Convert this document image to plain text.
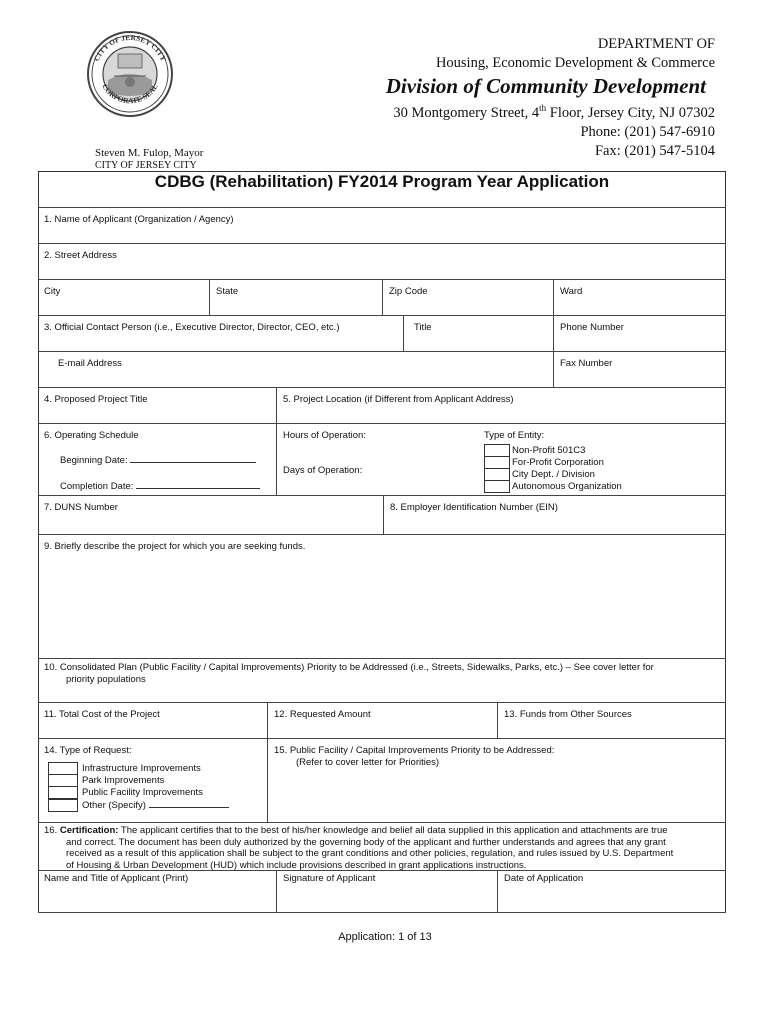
CITY OF JERSEY CITY
CORPORATE SEAL
DEPARTMENT OF
Housing, Economic Development & Commerce
Division of Community Development
30 Montgomery Street, 4th Floor, Jersey City, NJ 07302
Phone: (201) 547-6910
Fax: (201) 547-5104
Steven M. Fulop, Mayor
CITY OF JERSEY CITY
CDBG (Rehabilitation) FY2014 Program Year Application
1. Name of Applicant (Organization / Agency)
2. Street Address
City	State	Zip Code	Ward
3. Official Contact Person (i.e., Executive Director, Director, CEO, etc.)	Title	Phone Number
E-mail Address	Fax Number
4. Proposed Project Title	5. Project Location (if Different from Applicant Address)
6. Operating Schedule
Beginning Date:
Completion Date:
Hours of Operation:
Days of Operation:
Type of Entity:
Non-Profit 501C3
For-Profit Corporation
City Dept. / Division
Autonomous Organization
7. DUNS Number	8. Employer Identification Number (EIN)
9. Briefly describe the project for which you are seeking funds.
10. Consolidated Plan (Public Facility / Capital Improvements) Priority to be Addressed (i.e., Streets, Sidewalks, Parks, etc.) – See cover letter for
priority populations
11. Total Cost of the Project	12. Requested Amount	13. Funds from Other Sources
14. Type of Request:
Infrastructure Improvements
Park Improvements
Public Facility Improvements
Other (Specify)
15. Public Facility / Capital Improvements Priority to be Addressed:
(Refer to cover letter for Priorities)
16. Certification: The applicant certifies that to the best of his/her knowledge and belief all data supplied in this application and attachments are true
and correct. The document has been duly authorized by the governing body of the applicant and further understands and agrees that any grant
received as a result of this application shall be subject to the grant conditions and other policies, regulation, and rules issued by U.S. Department
of Housing & Urban Development (HUD) which include provisions described in grant applications instructions.
Name and Title of Applicant (Print)	Signature of Applicant	Date of Application
Application: 1 of 13
